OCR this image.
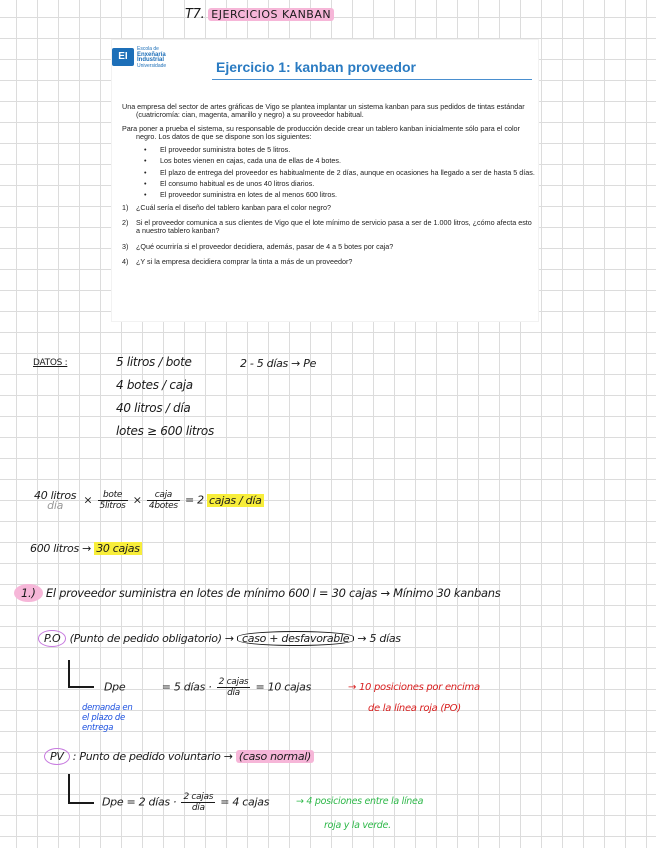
T7. EJERCICIOS KANBAN
EI
Escola de
Enxeñaría
Industrial
Universidade	Ejercicio 1: kanban proveedor

Una empresa del sector de artes gráficas de Vigo se plantea implantar un sistema kanban para sus pedidos de tintas estándar (cuatricromía: cian, magenta, amarillo y negro) a su proveedor habitual.

Para poner a prueba el sistema, su responsable de producción decide crear un tablero kanban inicialmente sólo para el color negro. Los datos de que se dispone son los siguientes:

• El proveedor suministra botes de 5 litros.
• Los botes vienen en cajas, cada una de ellas de 4 botes.
• El plazo de entrega del proveedor es habitualmente de 2 días, aunque en ocasiones ha llegado a ser de hasta 5 días.
• El consumo habitual es de unos 40 litros diarios.
• El proveedor suministra en lotes de al menos 600 litros.
1) ¿Cuál sería el diseño del tablero kanban para el color negro?
2) Si el proveedor comunica a sus clientes de Vigo que el lote mínimo de servicio pasa a ser de 1.000 litros, ¿cómo afecta esto a nuestro tablero kanban?
3) ¿Qué ocurriría si el proveedor decidiera, además, pasar de 4 a 5 botes por caja?
4) ¿Y si la empresa decidiera comprar la tinta a más de un proveedor?
DATOS :	5 litros / bote
4 botes / caja
40 litros / día
lotes ≥ 600 litros
2 - 5 días → Pe
40 litros
día	× $\frac{\text{bote}}{\text{5litros}} \times \frac{\text{caja}}{\text{4botes}} = 2$ cajas / día
600 litros → 30 cajas
1.) El proveedor suministra en lotes de mínimo 600 l = 30 cajas → Mínimo 30 kanbans
P.O (Punto de pedido obligatorio) → caso + desfavorable → 5 días
Dpe	= 5 días · $\frac{\text{2 cajas}}{\text{día}} = 10$ cajas	→ 10 posiciones por encima
de la línea roja (PO)
demanda en
el plazo de
entrega
PV : Punto de pedido voluntario → (caso normal)
Dpe = 2 días · $\frac{\text{2 cajas}}{\text{día}} = 4$ cajas	→ 4 posiciones entre la línea
roja y la verde.
